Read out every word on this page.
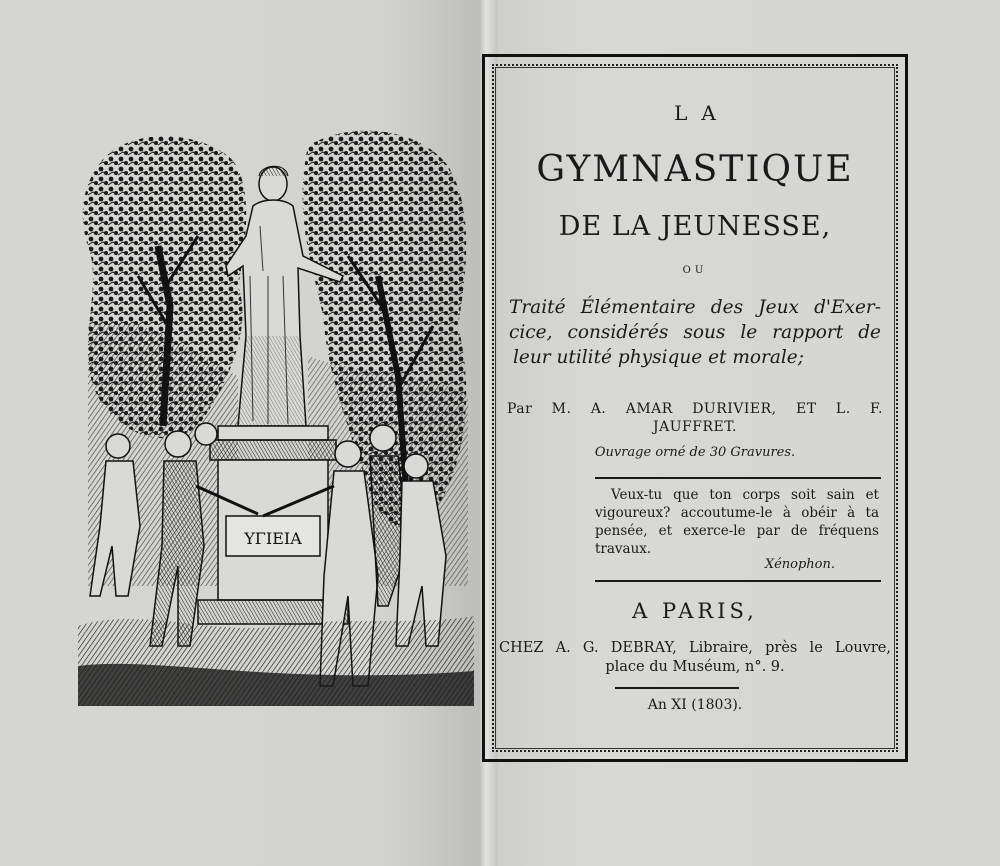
ΥΓΙΕΙΑ
LA
GYMNASTIQUE
DE LA JEUNESSE,
OU
Traité Élémentaire des Jeux d'Exer-
cice, considérés sous le rapport de
leur utilité physique et morale;
Par M. A. AMAR DURIVIER, ET L. F.
JAUFFRET.
Ouvrage orné de 30 Gravures.
Veux-tu que ton corps soit sain et
vigoureux? accoutume-le à obéir à ta
pensée, et exerce-le par de fréquens
travaux.
Xénophon.
A PARIS,
CHEZ A. G. DEBRAY, Libraire, près le Louvre,
place du Muséum, n°. 9.
An XI (1803).
